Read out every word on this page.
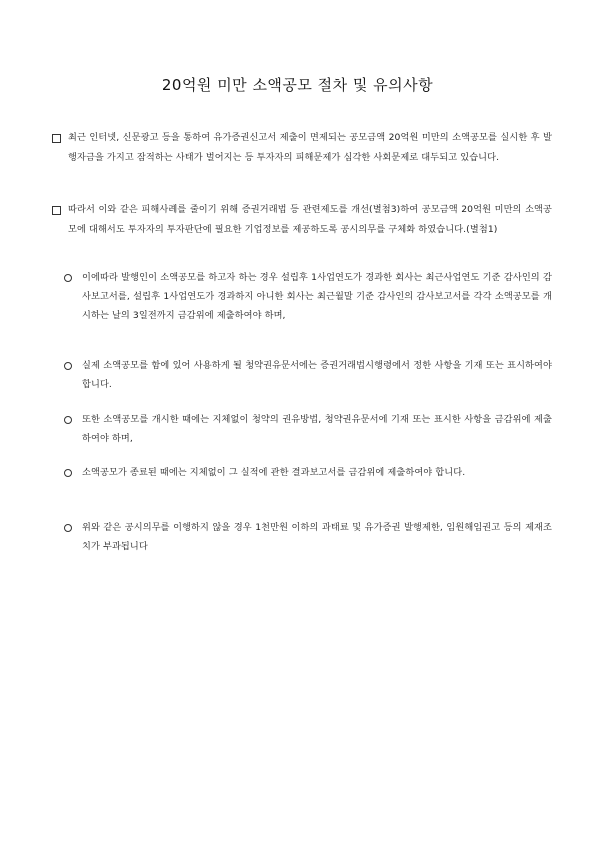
20억원 미만 소액공모 절차 및 유의사항
최근 인터넷, 신문광고 등을 통하여 유가증권신고서 제출이 면제되는 공모금액 20억원 미만의 소액공모를 실시한 후 발행자금을 가지고 잠적하는 사태가 벌어지는 등 투자자의 피해문제가 심각한 사회문제로 대두되고 있습니다.
따라서 이와 같은 피해사례를 줄이기 위해 증권거래법 등 관련제도를 개선(별첨3)하여 공모금액 20억원 미만의 소액공모에 대해서도 투자자의 투자판단에 필요한 기업정보를 제공하도록 공시의무를 구체화 하였습니다.(별첨1)
이에따라 발행인이 소액공모를 하고자 하는 경우 설립후 1사업연도가 경과한 회사는 최근사업연도 기준 감사인의 감사보고서를, 설립후 1사업연도가 경과하지 아니한 회사는 최근월말 기준 감사인의 감사보고서를 각각 소액공모를 개시하는 날의 3일전까지 금감위에 제출하여야 하며,
실제 소액공모를 함에 있어 사용하게 될 청약권유문서에는 증권거래법시행령에서 정한 사항을 기재 또는 표시하여야 합니다.
또한 소액공모를 개시한 때에는 지체없이 청약의 권유방법, 청약권유문서에 기재 또는 표시한 사항을 금감위에 제출하여야 하며,
소액공모가 종료된 때에는 지체없이 그 실적에 관한 결과보고서를 금감위에 제출하여야 합니다.
위와 같은 공시의무를 이행하지 않을 경우 1천만원 이하의 과태료 및 유가증권 발행제한, 임원해임권고 등의 제재조치가 부과됩니다
